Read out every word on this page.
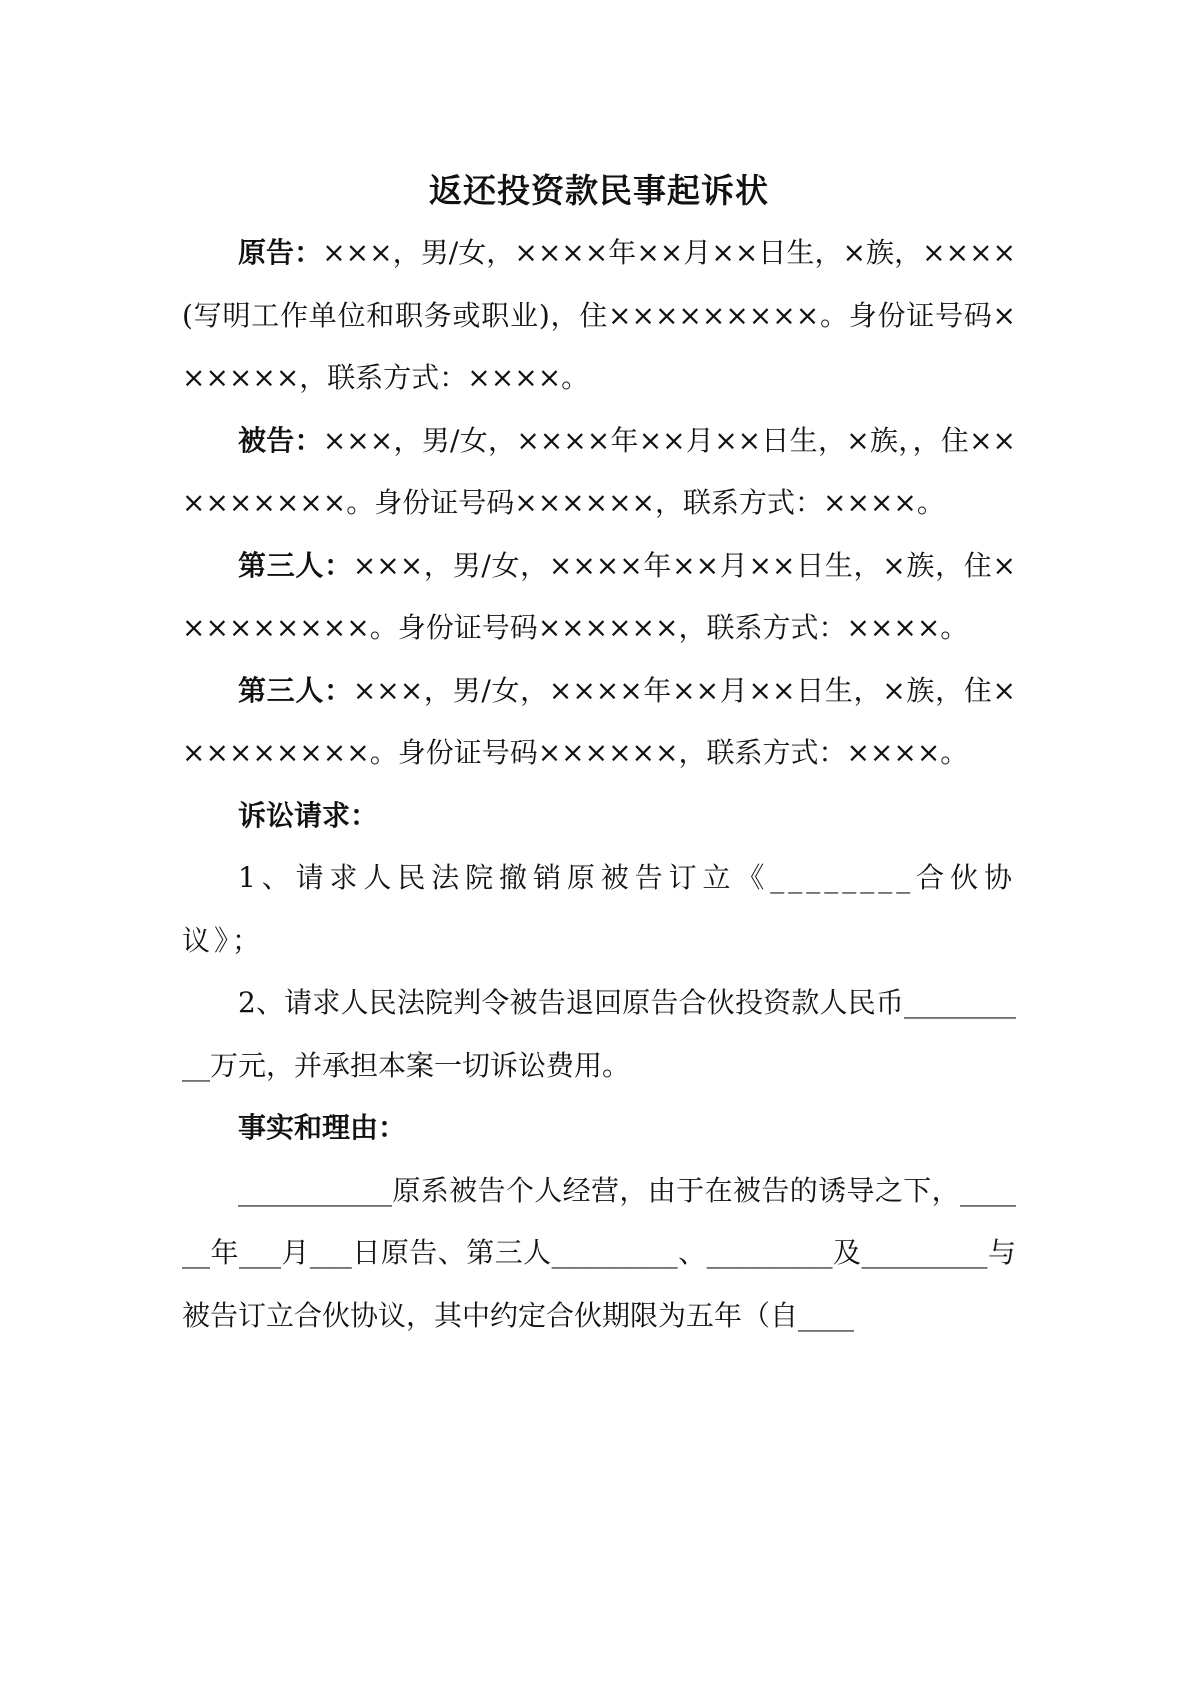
返还投资款民事起诉状

原告：×××，男/女，××××年××月××日生，×族，××××(写明工作单位和职务或职业)，住×××××××××。身份证号码××××××，联系方式：××××。

被告：×××，男/女，××××年××月××日生，×族，，住×××××××××。身份证号码××××××，联系方式：××××。

第三人：×××，男/女，××××年××月××日生，×族，住×××××××××。身份证号码××××××，联系方式：××××。

第三人：×××，男/女，××××年××月××日生，×族，住×××××××××。身份证号码××××××，联系方式：××××。

诉讼请求：

1、请求人民法院撤销原被告订立《________合伙协议》；

2、请求人民法院判令被告退回原告合伙投资款人民币__________万元，并承担本案一切诉讼费用。

事实和理由：

___________原系被告个人经营，由于在被告的诱导之下，______年___月___日原告、第三人_________、_________及_________与被告订立合伙协议，其中约定合伙期限为五年（自____
